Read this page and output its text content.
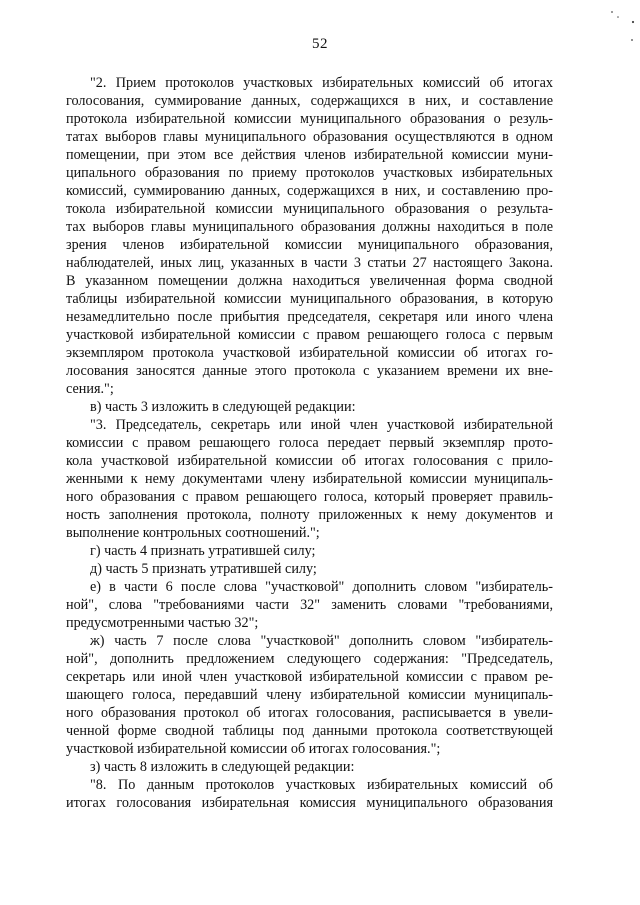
52
"2. Прием протоколов участковых избирательных комиссий об итогах
голосования, суммирование данных, содержащихся в них, и составление
протокола избирательной комиссии муниципального образования о резуль-
татах выборов главы муниципального образования осуществляются в одном
помещении, при этом все действия членов избирательной комиссии муни-
ципального образования по приему протоколов участковых избирательных
комиссий, суммированию данных, содержащихся в них, и составлению про-
токола избирательной комиссии муниципального образования о результа-
тах выборов главы муниципального образования должны находиться в поле
зрения членов избирательной комиссии муниципального образования,
наблюдателей, иных лиц, указанных в части 3 статьи 27 настоящего Закона.
В указанном помещении должна находиться увеличенная форма сводной
таблицы избирательной комиссии муниципального образования, в которую
незамедлительно после прибытия председателя, секретаря или иного члена
участковой избирательной комиссии с правом решающего голоса с первым
экземпляром протокола участковой избирательной комиссии об итогах го-
лосования заносятся данные этого протокола с указанием времени их вне-
сения.";
в) часть 3 изложить в следующей редакции:
"3. Председатель, секретарь или иной член участковой избирательной
комиссии с правом решающего голоса передает первый экземпляр прото-
кола участковой избирательной комиссии об итогах голосования с прило-
женными к нему документами члену избирательной комиссии муниципаль-
ного образования с правом решающего голоса, который проверяет правиль-
ность заполнения протокола, полноту приложенных к нему документов и
выполнение контрольных соотношений.";
г) часть 4 признать утратившей силу;
д) часть 5 признать утратившей силу;
е) в части 6 после слова "участковой" дополнить словом "избиратель-
ной", слова "требованиями части 32" заменить словами "требованиями,
предусмотренными частью 32";
ж) часть 7 после слова "участковой" дополнить словом "избиратель-
ной", дополнить предложением следующего содержания: "Председатель,
секретарь или иной член участковой избирательной комиссии с правом ре-
шающего голоса, передавший члену избирательной комиссии муниципаль-
ного образования протокол об итогах голосования, расписывается в увели-
ченной форме сводной таблицы под данными протокола соответствующей
участковой избирательной комиссии об итогах голосования.";
з) часть 8 изложить в следующей редакции:
"8. По данным протоколов участковых избирательных комиссий об
итогах голосования избирательная комиссия муниципального образования
